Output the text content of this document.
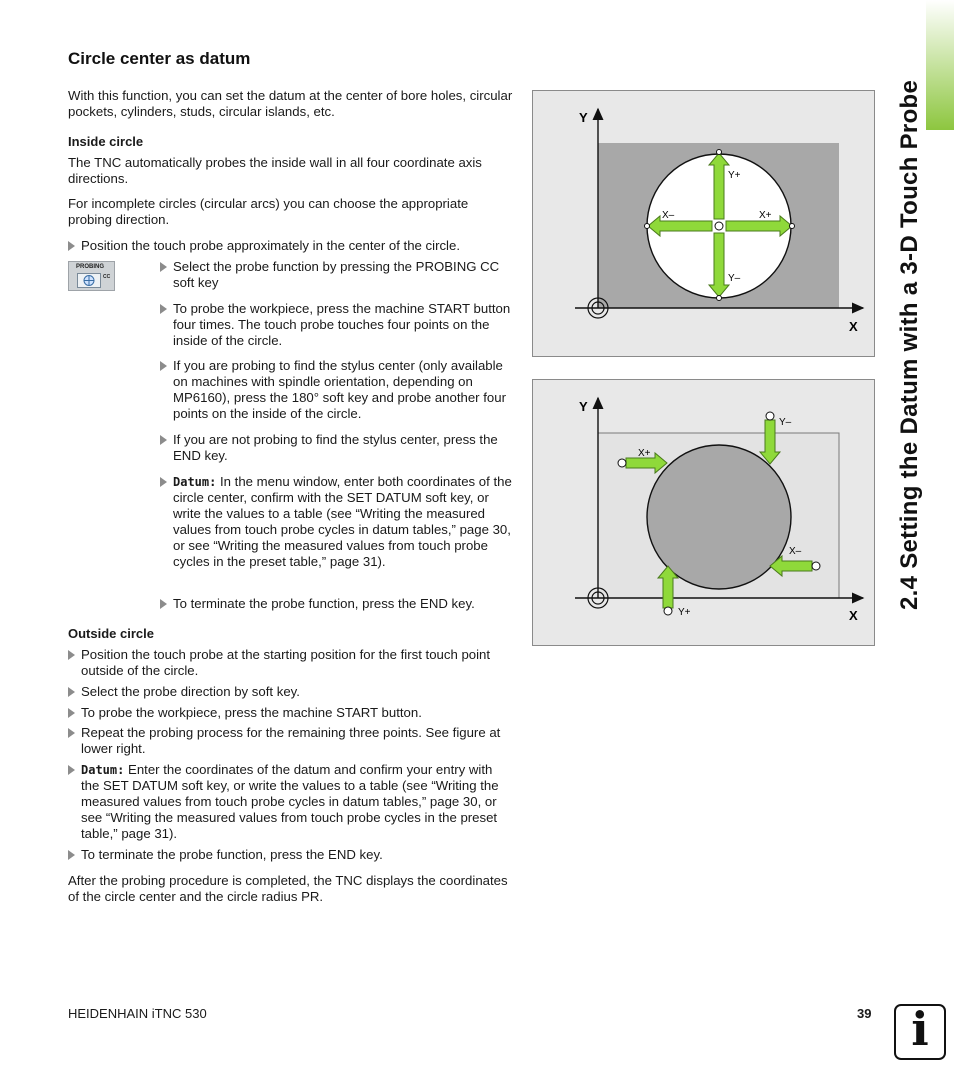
2.4 Setting the Datum with a 3-D Touch Probe
Circle center as datum

With this function, you can set the datum at the center of bore holes, circular pockets, cylinders, studs, circular islands, etc.

Inside circle

The TNC automatically probes the inside wall in all four coordinate axis directions.

For incomplete circles (circular arcs) you can choose the appropriate probing direction.

Position the touch probe approximately in the center of the circle.

PROBING
CC

Select the probe function by pressing the PROBING CC soft key

To probe the workpiece, press the machine START button four times. The touch probe touches four points on the inside of the circle.

If you are probing to find the stylus center (only available on machines with spindle orientation, depending on MP6160), press the 180° soft key and probe another four points on the inside of the circle.

If you are not probing to find the stylus center, press the END key.

Datum: In the menu window, enter both coordinates of the circle center, confirm with the SET DATUM soft key, or write the values to a table (see “Writing the measured values from touch probe cycles in datum tables,” page 30, or see “Writing the measured values from touch probe cycles in the preset table,” page 31).

To terminate the probe function, press the END key.

Outside circle

Position the touch probe at the starting position for the first touch point outside of the circle.

Select the probe direction by soft key.

To probe the workpiece, press the machine START button.

Repeat the probing process for the remaining three points. See figure at lower right.

Datum: Enter the coordinates of the datum and confirm your entry with the SET DATUM soft key, or write the values to a table (see “Writing the measured values from touch probe cycles in datum tables,” page 30, or see “Writing the measured values from touch probe cycles in the preset table,” page 31).

To terminate the probe function, press the END key.

After the probing procedure is completed, the TNC displays the coordinates of the circle center and the circle radius PR.

Y
X
Y+
Y–
X+
X–
Y
X
X+
Y–
X–
Y+
HEIDENHAIN iTNC 530	39 i
